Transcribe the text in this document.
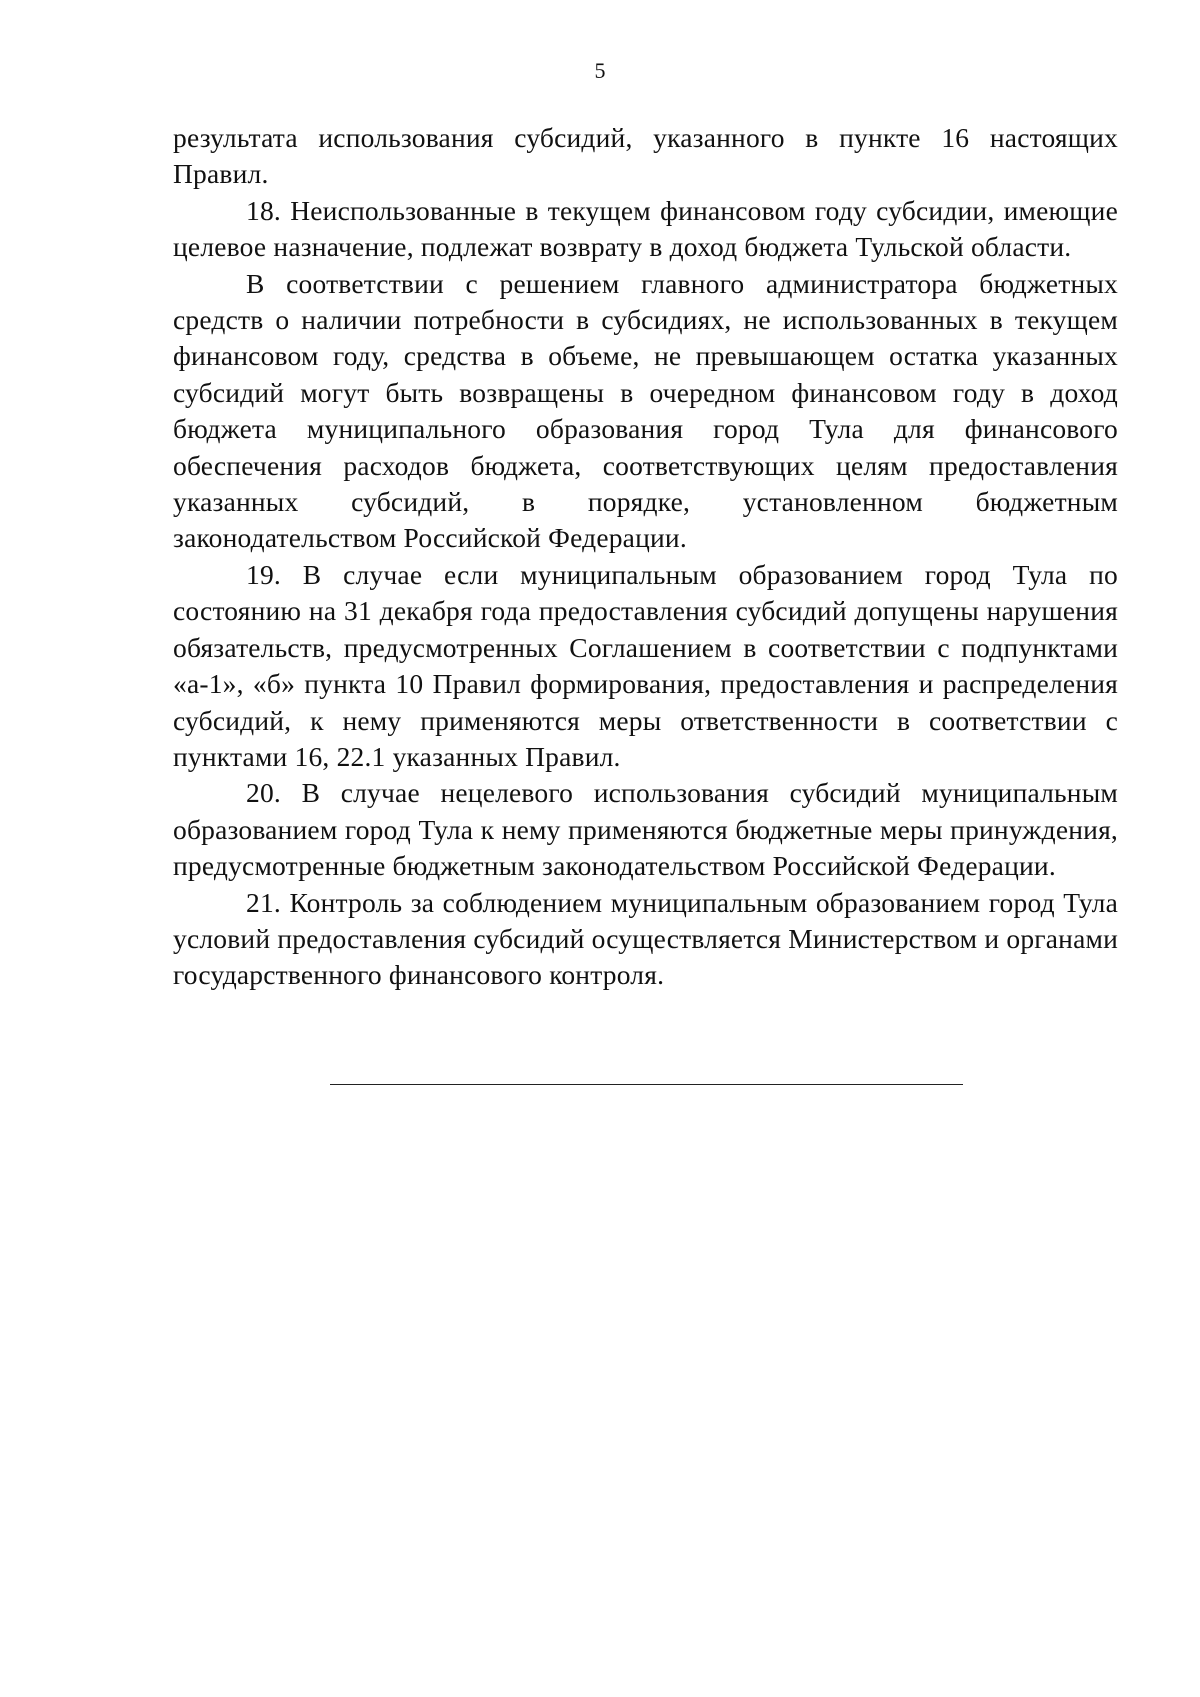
5

результата использования субсидий, указанного в пункте 16 настоящих Правил.

18. Неиспользованные в текущем финансовом году субсидии, имеющие целевое назначение, подлежат возврату в доход бюджета Тульской области.

В соответствии с решением главного администратора бюджетных средств о наличии потребности в субсидиях, не использованных в текущем финансовом году, средства в объеме, не превышающем остатка указанных субсидий могут быть возвращены в очередном финансовом году в доход бюджета муниципального образования город Тула для финансового обеспечения расходов бюджета, соответствующих целям предоставления указанных субсидий, в порядке, установленном бюджетным законодательством Российской Федерации.

19. В случае если муниципальным образованием город Тула по состоянию на 31 декабря года предоставления субсидий допущены нарушения обязательств, предусмотренных Соглашением в соответствии с подпунктами «а-1», «б» пункта 10 Правил формирования, предоставления и распределения субсидий, к нему применяются меры ответственности в соответствии с пунктами 16, 22.1 указанных Правил.

20. В случае нецелевого использования субсидий муниципальным образованием город Тула к нему применяются бюджетные меры принуждения, предусмотренные бюджетным законодательством Российской Федерации.

21. Контроль за соблюдением муниципальным образованием город Тула условий предоставления субсидий осуществляется Министерством и органами государственного финансового контроля.
